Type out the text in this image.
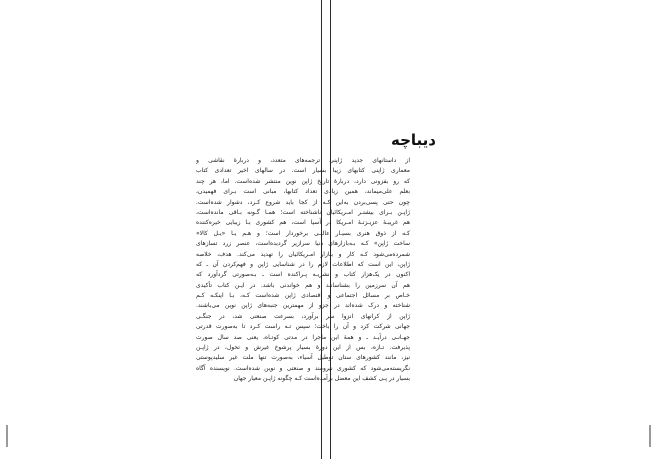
دیباچه
از داستانهای جدید ژاپنی ترجمه‌های متعدد، و دربارهٔ نقاشی و
معماری ژاپنی کتابهای زیبا بسیار است. در سالهای اخیر تعدادی کتاب
که رو بفزونی دارد، دربارهٔ تاریخ ژاپن نوین منتشر شده‌است. اما، هر چند
بعلم علی‌میماند، همین زیادی تعداد کتابها، مبانی است بـرای فهمیدن،
چون حتی پسی‌بردن به‌این کـه از کجا باید شروع کـرد، دشوار شده‌است.
ژاپـن بـرای بیشتـر امـریکائیان ناشناخته است؛ همـا گـونه بـاقی مانده‌است،
هم غریبـهٔ عزیـزتـهٔ امـریکا در آسیا است، هم کشوری بـا زیبایی خیره‌کننده
کـه از ذوق هنری بسیـار عالیـی برخوردار است؛ و هـم یـا «یـل کالا»
ساخت ژاپن» کـه بـه‌بازارهای دنیا سرازیر گردیده‌است، عنصر زرد تسازهای
شمرده‌می‌شود کـه کار و بـازار امـریکائیان را تهدید می‌کند. هدف، خلاصه
ژاپن، این است که اطلاعات لازم را در شناسایی ژاپن و فهم‌کردن آن ـ که
اکنون در یک‌هزار کتاب و نشریـه پـراکنده است ـ بـه‌صورتی گردآورد که
هم آن سرزمین را بشناسانـد و هم خواندنی باشد. در ایـن کتاب تأکیدی
خـاص بر مسائل اجتماعی و اقتصادی ژاپن شده‌است کـه، بـا اینکـه کـم
شناخته و درک شده‌اند در جزو از مهمترین جنبه‌های ژاپن نوین می‌باشند.
ژاپن از کرانهای انزوا سر برآورد، بسرعت صنعتی شد، در جنگـی
جهانی شرکت کرد و آن را باخت؛ سپس تـه راست کـرد تا به‌صورت قدرتی
جهـانـی درآیـد ـ و همهٔ این ماجرا در مدتی کوتـاه، یعنی صد سال صورت
پذیرفت. تـازه، بس از این دورهٔ بسیار پرشوخ غیرش و تحول، در ژاپـن
نیز، مانند کشورهای ستان توطیل آسیاء، به‌صورت تنها ملت غیر سلیدپوستی
نگریسته‌می‌شود که کشوری نیرومند و صنعتی و نوین شده‌است. نویسنده آگاه
بسیار در پـی کشف این معضل برآمده‌است کـه چگونه ژاپـن معیار جهان
